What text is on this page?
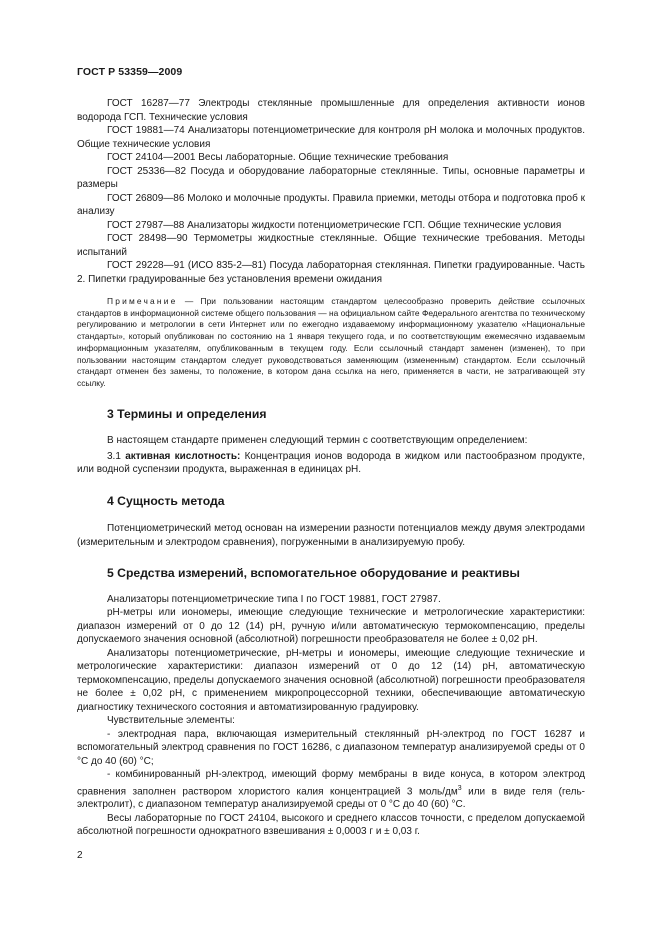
ГОСТ Р 53359—2009

ГОСТ 16287—77 Электроды стеклянные промышленные для определения активности ионов водорода ГСП. Технические условия

ГОСТ 19881—74 Анализаторы потенциометрические для контроля рН молока и молочных продуктов. Общие технические условия

ГОСТ 24104—2001 Весы лабораторные. Общие технические требования

ГОСТ 25336—82 Посуда и оборудование лабораторные стеклянные. Типы, основные параметры и размеры

ГОСТ 26809—86 Молоко и молочные продукты. Правила приемки, методы отбора и подготовка проб к анализу

ГОСТ 27987—88 Анализаторы жидкости потенциометрические ГСП. Общие технические условия

ГОСТ 28498—90 Термометры жидкостные стеклянные. Общие технические требования. Методы испытаний

ГОСТ 29228—91 (ИСО 835-2—81) Посуда лабораторная стеклянная. Пипетки градуированные. Часть 2. Пипетки градуированные без установления времени ожидания

Примечание — При пользовании настоящим стандартом целесообразно проверить действие ссылочных стандартов в информационной системе общего пользования — на официальном сайте Федерального агентства по техническому регулированию и метрологии в сети Интернет или по ежегодно издаваемому информационному указателю «Национальные стандарты», который опубликован по состоянию на 1 января текущего года, и по соответствующим ежемесячно издаваемым информационным указателям, опубликованным в текущем году. Если ссылочный стандарт заменен (изменен), то при пользовании настоящим стандартом следует руководствоваться заменяющим (измененным) стандартом. Если ссылочный стандарт отменен без замены, то положение, в котором дана ссылка на него, применяется в части, не затрагивающей эту ссылку.

3 Термины и определения

В настоящем стандарте применен следующий термин с соответствующим определением:

3.1 активная кислотность: Концентрация ионов водорода в жидком или пастообразном продукте, или водной суспензии продукта, выраженная в единицах рН.

4 Сущность метода

Потенциометрический метод основан на измерении разности потенциалов между двумя электродами (измерительным и электродом сравнения), погруженными в анализируемую пробу.

5 Средства измерений, вспомогательное оборудование и реактивы

Анализаторы потенциометрические типа I по ГОСТ 19881, ГОСТ 27987.

рН-метры или иономеры, имеющие следующие технические и метрологические характеристики: диапазон измерений от 0 до 12 (14) рН, ручную и/или автоматическую термокомпенсацию, пределы допускаемого значения основной (абсолютной) погрешности преобразователя не более ± 0,02 рН.

Анализаторы потенциометрические, рН-метры и иономеры, имеющие следующие технические и метрологические характеристики: диапазон измерений от 0 до 12 (14) рН, автоматическую термокомпенсацию, пределы допускаемого значения основной (абсолютной) погрешности преобразователя не более ± 0,02 рН, с применением микропроцессорной техники, обеспечивающие автоматическую диагностику технического состояния и автоматизированную градуировку.

Чувствительные элементы:

- электродная пара, включающая измерительный стеклянный рН-электрод по ГОСТ 16287 и вспомогательный электрод сравнения по ГОСТ 16286, с диапазоном температур анализируемой среды от 0 °С до 40 (60) °С;

- комбинированный рН-электрод, имеющий форму мембраны в виде конуса, в котором электрод сравнения заполнен раствором хлористого калия концентрацией 3 моль/$дм^3$ или в виде геля (гель-электролит), с диапазоном температур анализируемой среды от 0 °С до 40 (60) °С.

Весы лабораторные по ГОСТ 24104, высокого и среднего классов точности, с пределом допускаемой абсолютной погрешности однократного взвешивания ± 0,0003 г и ± 0,03 г.

2
